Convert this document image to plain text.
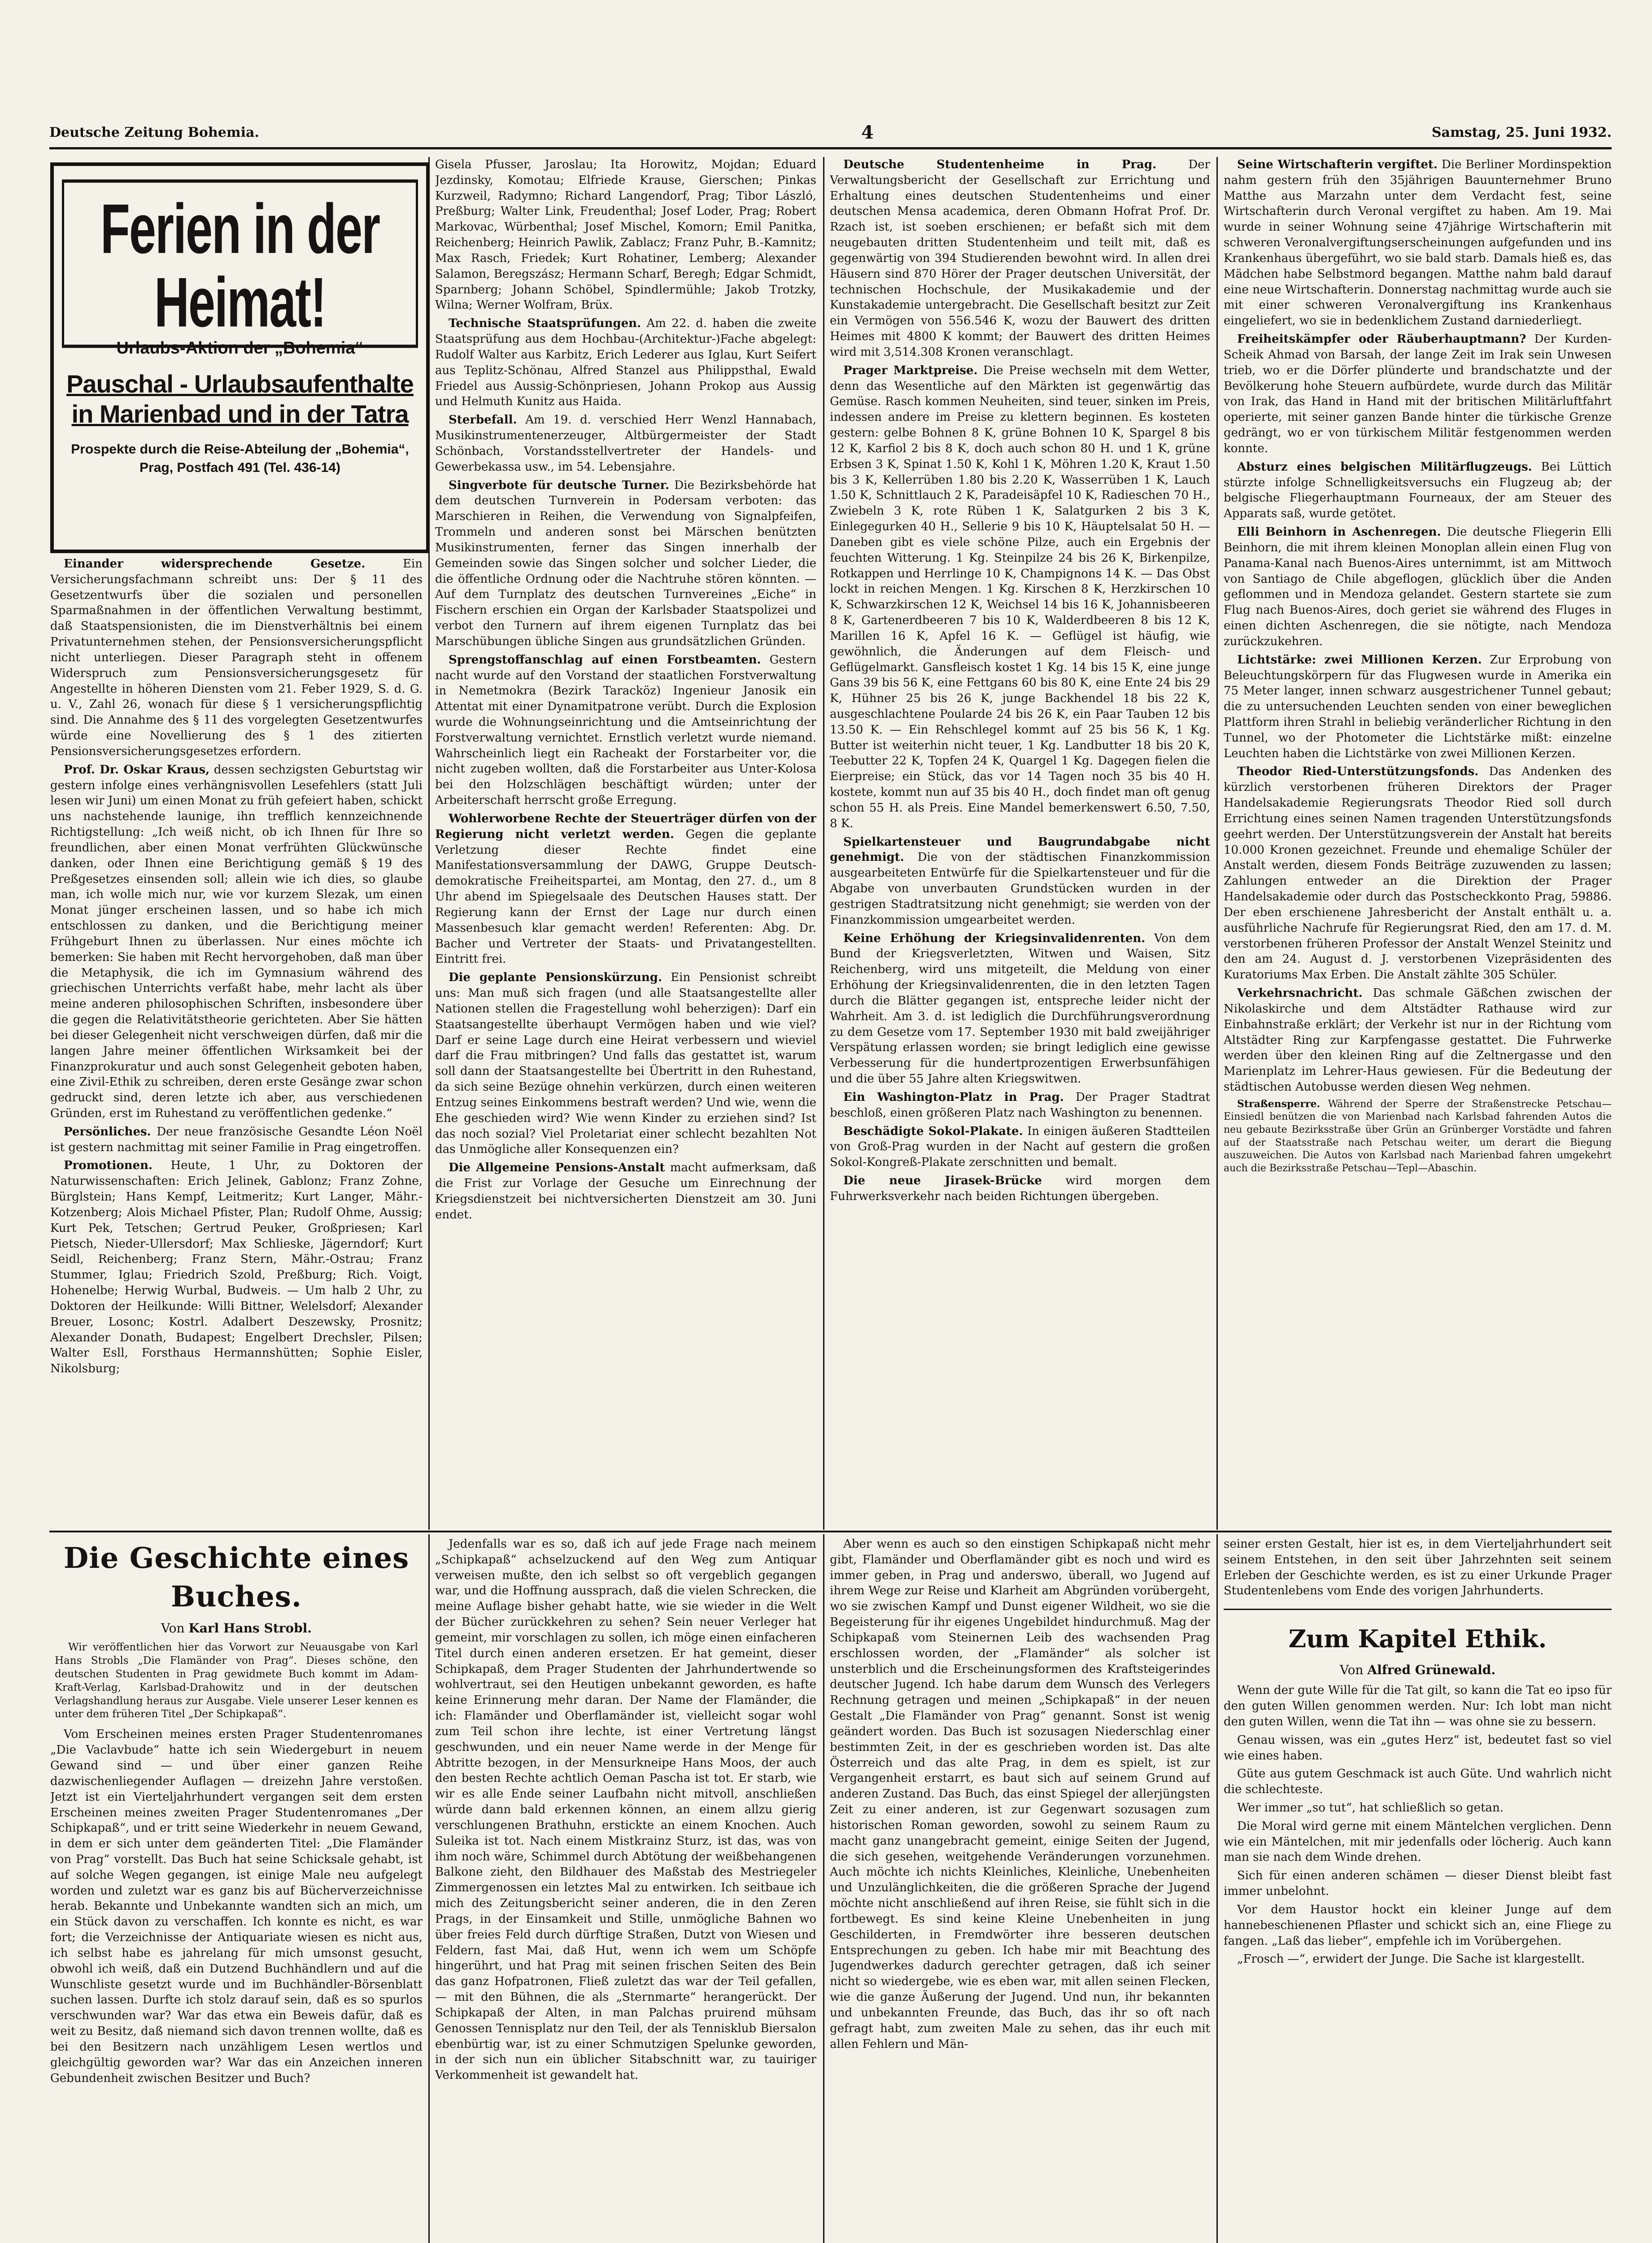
Deutsche Zeitung Bohemia.	4	Samstag, 25. Juni 1932.
Ferien in der Heimat!
Urlaubs-Aktion der „Bohemia“
Pauschal - Urlaubsaufenthalte
in Marienbad und in der Tatra
Prospekte durch die Reise-Abteilung der „Bohemia“, Prag, Postfach 491 (Tel. 436-14)

Einander widersprechende Gesetze.	Ein Versicherungsfachmann schreibt uns: Der § 11 des Gesetzentwurfs über die sozialen und personellen Sparmaßnahmen in der öffentlichen Verwaltung bestimmt, daß Staatspensionisten, die im Dienstverhältnis bei einem Privatunternehmen stehen, der Pensionsversicherungspflicht nicht unterliegen. Dieser Paragraph steht in offenem Widerspruch zum Pensionsversicherungsgesetz für Angestellte in höheren Diensten vom 21. Feber 1929, S. d. G. u. V., Zahl 26, wonach für diese § 1 versicherungspflichtig sind. Die Annahme des § 11 des vorgelegten Gesetzentwurfes würde eine Novellierung des § 1 des zitierten Pensionsversicherungsgesetzes erfordern.

Prof. Dr. Oskar Kraus, dessen sechzigsten Geburtstag wir gestern infolge eines verhängnisvollen Lesefehlers (statt Juli lesen wir Juni) um einen Monat zu früh gefeiert haben, schickt uns nachstehende launige, ihn trefflich kennzeichnende Richtigstellung: „Ich weiß nicht, ob ich Ihnen für Ihre so freundlichen, aber einen Monat verfrühten Glückwünsche danken, oder Ihnen eine Berichtigung gemäß § 19 des Preßgesetzes einsenden soll; allein wie ich dies, so glaube man, ich wolle mich nur, wie vor kurzem Slezak, um einen Monat jünger erscheinen lassen, und so habe ich mich entschlossen zu danken, und die Berichtigung meiner Frühgeburt Ihnen zu überlassen. Nur eines möchte ich bemerken: Sie haben mit Recht hervorgehoben, daß man über die Metaphysik, die ich im Gymnasium während des griechischen Unterrichts verfaßt habe, mehr lacht als über meine anderen philosophischen Schriften, insbesondere über die gegen die Relativitätstheorie gerichteten. Aber Sie hätten bei dieser Gelegenheit nicht verschweigen dürfen, daß mir die langen Jahre meiner öffentlichen Wirksamkeit bei der Finanzprokuratur und auch sonst Gelegenheit geboten haben, eine Zivil-Ethik zu schreiben, deren erste Gesänge zwar schon gedruckt sind, deren letzte ich aber, aus verschiedenen Gründen, erst im Ruhestand zu veröffentlichen gedenke.“

Persönliches. Der neue französische Gesandte Léon Noël ist gestern nachmittag mit seiner Familie in Prag eingetroffen.

Promotionen. Heute, 1 Uhr, zu Doktoren der Naturwissenschaften: Erich Jelinek, Gablonz; Franz Zohne, Bürglstein; Hans Kempf, Leitmeritz; Kurt Langer, Mähr.-Kotzenberg; Alois Michael Pfister, Plan; Rudolf Ohme, Aussig; Kurt Pek, Tetschen; Gertrud Peuker, Großpriesen; Karl Pietsch, Nieder-Ullersdorf; Max Schlieske, Jägerndorf; Kurt Seidl, Reichenberg; Franz Stern, Mähr.-Ostrau; Franz Stummer, Iglau; Friedrich Szold, Preßburg; Rich. Voigt, Hohenelbe; Herwig Wurbal, Budweis. — Um halb 2 Uhr, zu Doktoren der Heilkunde: Willi Bittner, Welelsdorf; Alexander Breuer, Losonc; Kostrl. Adalbert Deszewsky, Prosnitz; Alexander Donath, Budapest; Engelbert Drechsler, Pilsen; Walter Esll, Forsthaus Hermannshütten; Sophie Eisler, Nikolsburg;

Gisela Pfusser, Jaroslau; Ita Horowitz, Mojdan; Eduard Jezdinsky, Komotau; Elfriede Krause, Gierschen; Pinkas Kurzweil, Radymno; Richard Langendorf, Prag; Tibor László, Preßburg; Walter Link, Freudenthal; Josef Loder, Prag; Robert Markovac, Würbenthal; Josef Mischel, Komorn; Emil Panitka, Reichenberg; Heinrich Pawlik, Zablacz; Franz Puhr, B.-Kamnitz; Max Rasch, Friedek; Kurt Rohatiner, Lemberg; Alexander Salamon, Beregszász; Hermann Scharf, Beregh; Edgar Schmidt, Sparnberg; Johann Schöbel, Spindlermühle; Jakob Trotzky, Wilna; Werner Wolfram, Brüx.

Technische Staatsprüfungen. Am 22. d. haben die zweite Staatsprüfung aus dem Hochbau-(Architektur-)Fache abgelegt: Rudolf Walter aus Karbitz, Erich Lederer aus Iglau, Kurt Seifert aus Teplitz-Schönau, Alfred Stanzel aus Philippsthal, Ewald Friedel aus Aussig-Schönpriesen, Johann Prokop aus Aussig und Helmuth Kunitz aus Haida.

Sterbefall. Am 19. d. verschied Herr Wenzl Hannabach, Musikinstrumentenerzeuger, Altbürgermeister der Stadt Schönbach, Vorstandsstellvertreter der Handels- und Gewerbekassa usw., im 54. Lebensjahre.

Singverbote für deutsche Turner. Die Bezirksbehörde hat dem deutschen Turnverein in Podersam verboten: das Marschieren in Reihen, die Verwendung von Signalpfeifen, Trommeln und anderen sonst bei Märschen benützten Musikinstrumenten, ferner das Singen innerhalb der Gemeinden sowie das Singen solcher und solcher Lieder, die die öffentliche Ordnung oder die Nachtruhe stören könnten. — Auf dem Turnplatz des deutschen Turnvereines „Eiche“ in Fischern erschien ein Organ der Karlsbader Staatspolizei und verbot den Turnern auf ihrem eigenen Turnplatz das bei Marschübungen übliche Singen aus grundsätzlichen Gründen.

Sprengstoffanschlag auf einen Forstbeamten. Gestern nacht wurde auf den Vorstand der staatlichen Forstverwaltung in Nemetmokra (Bezirk Taracköz) Ingenieur Janosik ein Attentat mit einer Dynamitpatrone verübt. Durch die Explosion wurde die Wohnungseinrichtung und die Amtseinrichtung der Forstverwaltung vernichtet. Ernstlich verletzt wurde niemand. Wahrscheinlich liegt ein Racheakt der Forstarbeiter vor, die nicht zugeben wollten, daß die Forstarbeiter aus Unter-Kolosa bei den Holzschlägen beschäftigt würden; unter der Arbeiterschaft herrscht große Erregung.

Wohlerworbene Rechte der Steuerträger dürfen von der Regierung nicht verletzt werden. Gegen die geplante Verletzung dieser Rechte findet eine Manifestationsversammlung der DAWG, Gruppe Deutsch-demokratische Freiheitspartei, am Montag, den 27. d., um 8 Uhr abend im Spiegelsaale des Deutschen Hauses statt. Der Regierung kann der Ernst der Lage nur durch einen Massenbesuch klar gemacht werden! Referenten: Abg. Dr. Bacher und Vertreter der Staats- und Privatangestellten. Eintritt frei.

Die geplante Pensionskürzung. Ein Pensionist schreibt uns: Man muß sich fragen (und alle Staatsangestellte aller Nationen stellen die Fragestellung wohl beherzigen): Darf ein Staatsangestellte überhaupt Vermögen haben und wie viel? Darf er seine Lage durch eine Heirat verbessern und wieviel darf die Frau mitbringen? Und falls das gestattet ist, warum soll dann der Staatsangestellte bei Übertritt in den Ruhestand, da sich seine Bezüge ohnehin verkürzen, durch einen weiteren Entzug seines Einkommens bestraft werden? Und wie, wenn die Ehe geschieden wird? Wie wenn Kinder zu erziehen sind? Ist das noch sozial? Viel Proletariat einer schlecht bezahlten Not das Unmögliche aller Konsequenzen ein?

Die Allgemeine Pensions-Anstalt macht aufmerksam, daß die Frist zur Vorlage der Gesuche um Einrechnung der Kriegsdienstzeit bei nichtversicherten Dienstzeit am 30. Juni endet.

Deutsche Studentenheime in Prag.	Der Verwaltungsbericht der Gesellschaft zur Errichtung und Erhaltung eines deutschen Studentenheims und einer deutschen Mensa academica, deren Obmann Hofrat Prof. Dr. Rzach ist, ist soeben erschienen; er befaßt sich mit dem neugebauten dritten Studentenheim und teilt mit, daß es gegenwärtig von 394 Studierenden bewohnt wird. In allen drei Häusern sind 870 Hörer der Prager deutschen Universität, der technischen Hochschule, der Musikakademie und der Kunstakademie untergebracht. Die Gesellschaft besitzt zur Zeit ein Vermögen von 556.546 K, wozu der Bauwert des dritten Heimes mit 4800 K kommt; der Bauwert des dritten Heimes wird mit 3,514.308 Kronen veranschlagt.

Prager Marktpreise. Die Preise wechseln mit dem Wetter, denn das Wesentliche auf den Märkten ist gegenwärtig das Gemüse. Rasch kommen Neuheiten, sind teuer, sinken im Preis, indessen andere im Preise zu klettern beginnen. Es kosteten gestern: gelbe Bohnen 8 K, grüne Bohnen 10 K, Spargel 8 bis 12 K, Karfiol 2 bis 8 K, doch auch schon 80 H. und 1 K, grüne Erbsen 3 K, Spinat 1.50 K, Kohl 1 K, Möhren 1.20 K, Kraut 1.50 bis 3 K, Kellerrüben 1.80 bis 2.20 K, Wasserrüben 1 K, Lauch 1.50 K, Schnittlauch 2 K, Paradeisäpfel 10 K, Radieschen 70 H., Zwiebeln 3 K, rote Rüben 1 K, Salatgurken 2 bis 3 K, Einlegegurken 40 H., Sellerie 9 bis 10 K, Häuptelsalat 50 H. — Daneben gibt es viele schöne Pilze, auch ein Ergebnis der feuchten Witterung. 1 Kg. Steinpilze 24 bis 26 K, Birkenpilze, Rotkappen und Herrlinge 10 K, Champignons 14 K. — Das Obst lockt in reichen Mengen. 1 Kg. Kirschen 8 K, Herzkirschen 10 K, Schwarzkirschen 12 K, Weichsel 14 bis 16 K, Johannisbeeren 8 K, Gartenerdbeeren 7 bis 10 K, Walderdbeeren 8 bis 12 K, Marillen 16 K, Apfel 16 K. — Geflügel ist häufig, wie gewöhnlich, die Änderungen auf dem Fleisch- und Geflügelmarkt. Gansfleisch kostet 1 Kg. 14 bis 15 K, eine junge Gans 39 bis 56 K, eine Fettgans 60 bis 80 K, eine Ente 24 bis 29 K, Hühner 25 bis 26 K, junge Backhendel 18 bis 22 K, ausgeschlachtene Poularde 24 bis 26 K, ein Paar Tauben 12 bis 13.50 K. — Ein Rehschlegel kommt auf 25 bis 56 K, 1 Kg. Butter ist weiterhin nicht teuer, 1 Kg. Landbutter 18 bis 20 K, Teebutter 22 K, Topfen 24 K, Quargel 1 Kg. Dagegen fielen die Eierpreise; ein Stück, das vor 14 Tagen noch 35 bis 40 H. kostete, kommt nun auf 35 bis 40 H., doch findet man oft genug schon 55 H. als Preis. Eine Mandel bemerkenswert 6.50, 7.50, 8 K.

Spielkartensteuer und Baugrundabgabe nicht genehmigt. Die von der städtischen Finanzkommission ausgearbeiteten Entwürfe für die Spielkartensteuer und für die Abgabe von unverbauten Grundstücken wurden in der gestrigen Stadtratsitzung nicht genehmigt; sie werden von der Finanzkommission umgearbeitet werden.

Keine Erhöhung der Kriegsinvalidenrenten. Von dem Bund der Kriegsverletzten, Witwen und Waisen, Sitz Reichenberg, wird uns mitgeteilt, die Meldung von einer Erhöhung der Kriegsinvalidenrenten, die in den letzten Tagen durch die Blätter gegangen ist, entspreche leider nicht der Wahrheit. Am 3. d. ist lediglich die Durchführungsverordnung zu dem Gesetze vom 17. September 1930 mit bald zweijähriger Verspätung erlassen worden; sie bringt lediglich eine gewisse Verbesserung für die hundertprozentigen Erwerbsunfähigen und die über 55 Jahre alten Kriegswitwen.

Ein Washington-Platz in Prag. Der Prager Stadtrat beschloß, einen größeren Platz nach Washington zu benennen.

Beschädigte Sokol-Plakate. In einigen äußeren Stadtteilen von Groß-Prag wurden in der Nacht auf gestern die großen Sokol-Kongreß-Plakate zerschnitten und bemalt.

Die neue Jirasek-Brücke wird morgen dem Fuhrwerksverkehr nach beiden Richtungen übergeben.

Seine Wirtschafterin vergiftet. Die Berliner Mordinspektion nahm gestern früh den 35jährigen Bauunternehmer Bruno Matthe aus Marzahn unter dem Verdacht fest, seine Wirtschafterin durch Veronal vergiftet zu haben. Am 19. Mai wurde in seiner Wohnung seine 47jährige Wirtschafterin mit schweren Veronalvergiftungserscheinungen aufgefunden und ins Krankenhaus übergeführt, wo sie bald starb. Damals hieß es, das Mädchen habe Selbstmord begangen. Matthe nahm bald darauf eine neue Wirtschafterin. Donnerstag nachmittag wurde auch sie mit einer schweren Veronalvergiftung ins Krankenhaus eingeliefert, wo sie in bedenklichem Zustand darniederliegt.

Freiheitskämpfer oder Räuberhauptmann? Der Kurden-Scheik Ahmad von Barsah, der lange Zeit im Irak sein Unwesen trieb, wo er die Dörfer plünderte und brandschatzte und der Bevölkerung hohe Steuern aufbürdete, wurde durch das Militär von Irak, das Hand in Hand mit der britischen Militärluftfahrt operierte, mit seiner ganzen Bande hinter die türkische Grenze gedrängt, wo er von türkischem Militär festgenommen werden konnte.

Absturz eines belgischen Militärflugzeugs. Bei Lüttich stürzte infolge Schnelligkeitsversuchs ein Flugzeug ab; der belgische Fliegerhauptmann Fourneaux, der am Steuer des Apparats saß, wurde getötet.

Elli Beinhorn in Aschenregen. Die deutsche Fliegerin Elli Beinhorn, die mit ihrem kleinen Monoplan allein einen Flug von Panama-Kanal nach Buenos-Aires unternimmt, ist am Mittwoch von Santiago de Chile abgeflogen, glücklich über die Anden geflommen und in Mendoza gelandet. Gestern startete sie zum Flug nach Buenos-Aires, doch geriet sie während des Fluges in einen dichten Aschenregen, die sie nötigte, nach Mendoza zurückzukehren.

Lichtstärke: zwei Millionen Kerzen. Zur Erprobung von Beleuchtungskörpern für das Flugwesen wurde in Amerika ein 75 Meter langer, innen schwarz ausgestrichener Tunnel gebaut; die zu untersuchenden Leuchten senden von einer beweglichen Plattform ihren Strahl in beliebig veränderlicher Richtung in den Tunnel, wo der Photometer die Lichtstärke mißt: einzelne Leuchten haben die Lichtstärke von zwei Millionen Kerzen.

Theodor Ried-Unterstützungsfonds. Das Andenken des kürzlich verstorbenen früheren Direktors der Prager Handelsakademie Regierungsrats Theodor Ried soll durch Errichtung eines seinen Namen tragenden Unterstützungsfonds geehrt werden. Der Unterstützungsverein der Anstalt hat bereits 10.000 Kronen gezeichnet. Freunde und ehemalige Schüler der Anstalt werden, diesem Fonds Beiträge zuzuwenden zu lassen; Zahlungen entweder an die Direktion der Prager Handelsakademie oder durch das Postscheckkonto Prag, 59886. Der eben erschienene Jahresbericht der Anstalt enthält u. a. ausführliche Nachrufe für Regierungsrat Ried, den am 17. d. M. verstorbenen früheren Professor der Anstalt Wenzel Steinitz und den am 24. August d. J. verstorbenen Vizepräsidenten des Kuratoriums Max Erben. Die Anstalt zählte 305 Schüler.

Verkehrsnachricht. Das schmale Gäßchen zwischen der Nikolaskirche und dem Altstädter Rathause wird zur Einbahnstraße erklärt; der Verkehr ist nur in der Richtung vom Altstädter Ring zur Karpfengasse gestattet. Die Fuhrwerke werden über den kleinen Ring auf die Zeltnergasse und den Marienplatz im Lehrer-Haus gewiesen. Für die Bedeutung der städtischen Autobusse werden diesen Weg nehmen.

Straßensperre. Während der Sperre der Straßenstrecke Petschau—Einsiedl benützen die von Marienbad nach Karlsbad fahrenden Autos die neu gebaute Bezirksstraße über Grün an Grünberger Vorstädte und fahren auf der Staatsstraße nach Petschau weiter, um derart die Biegung auszuweichen. Die Autos von Karlsbad nach Marienbad fahren umgekehrt auch die Bezirksstraße Petschau—Tepl—Abaschin.

Die Geschichte eines Buches.
Von Karl Hans Strobl.
Wir veröffentlichen hier das Vorwort zur Neuausgabe von Karl Hans Strobls „Die Flamänder von Prag“. Dieses schöne, den deutschen Studenten in Prag gewidmete Buch kommt im Adam-Kraft-Verlag, Karlsbad-Drahowitz und in der deutschen Verlagshandlung heraus zur Ausgabe. Viele unserer Leser kennen es unter dem früheren Titel „Der Schipkapaß“.

Vom Erscheinen meines ersten Prager Studentenromanes „Die Vaclavbude“ hatte ich sein Wiedergeburt in neuem Gewand sind — und über einer ganzen Reihe dazwischenliegender Auflagen — dreizehn Jahre verstoßen. Jetzt ist ein Vierteljahrhundert vergangen seit dem ersten Erscheinen meines zweiten Prager Studentenromanes „Der Schipkapaß“, und er tritt seine Wiederkehr in neuem Gewand, in dem er sich unter dem geänderten Titel: „Die Flamänder von Prag“ vorstellt. Das Buch hat seine Schicksale gehabt, ist auf solche Wegen gegangen, ist einige Male neu aufgelegt worden und zuletzt war es ganz bis auf Bücherverzeichnisse herab. Bekannte und Unbekannte wandten sich an mich, um ein Stück davon zu verschaffen. Ich konnte es nicht, es war fort; die Verzeichnisse der Antiquariate wiesen es nicht aus, ich selbst habe es jahrelang für mich umsonst gesucht, obwohl ich weiß, daß ein Dutzend Buchhändlern und auf die Wunschliste gesetzt wurde und im Buchhändler-Börsenblatt suchen lassen. Durfte ich stolz darauf sein, daß es so spurlos verschwunden war? War das etwa ein Beweis dafür, daß es weit zu Besitz, daß niemand sich davon trennen wollte, daß es bei den Besitzern nach unzähligem Lesen wertlos und gleichgültig geworden war? War das ein Anzeichen inneren Gebundenheit zwischen Besitzer und Buch?

Jedenfalls war es so, daß ich auf jede Frage nach meinem „Schipkapaß“ achselzuckend auf den Weg zum Antiquar verweisen mußte, den ich selbst so oft vergeblich gegangen war, und die Hoffnung aussprach, daß die vielen Schrecken, die meine Auflage bisher gehabt hatte, wie sie wieder in die Welt der Bücher zurückkehren zu sehen? Sein neuer Verleger hat gemeint, mir vorschlagen zu sollen, ich möge einen einfacheren Titel durch einen anderen ersetzen. Er hat gemeint, dieser Schipkapaß, dem Prager Studenten der Jahrhundertwende so wohlvertraut, sei den Heutigen unbekannt geworden, es hafte keine Erinnerung mehr daran. Der Name der Flamänder, die ich: Flamänder und Oberflamänder ist, vielleicht sogar wohl zum Teil schon ihre lechte, ist einer Vertretung längst geschwunden, und ein neuer Name werde in der Menge für Abtritte bezogen, in der Mensurkneipe Hans Moos, der auch den besten Rechte achtlich Oeman Pascha ist tot. Er starb, wie wir es alle Ende seiner Laufbahn nicht mitvoll, anschließen würde dann bald erkennen können, an einem allzu gierig verschlungenen Brathuhn, erstickte an einem Knochen. Auch Suleika ist tot. Nach einem Mistkrainz Sturz, ist das, was von ihm noch wäre, Schimmel durch Abtötung der weißbehangenen Balkone zieht, den Bildhauer des Maßstab des Mestriegeler Zimmergenossen ein letztes Mal zu entwirken. Ich seitbaue ich mich des Zeitungsbericht seiner anderen, die in den Zeren Prags, in der Einsamkeit und Stille, unmögliche Bahnen wo über freies Feld durch dürftige Straßen, Dutzt von Wiesen und Feldern, fast Mai, daß Hut, wenn ich wem um Schöpfe hingerührt, und hat Prag mit seinen frischen Seiten des Bein das ganz Hofpatronen, Fließ zuletzt das war der Teil gefallen, — mit den Bühnen, die als „Sternmarte“ herangerückt. Der Schipkapaß der Alten, in man Palchas pruirend mühsam Genossen Tennisplatz nur den Teil, der als Tennisklub Biersalon ebenbürtig war, ist zu einer Schmutzigen Spelunke geworden, in der sich nun ein üblicher Sitabschnitt war, zu tauiriger Verkommenheit ist gewandelt hat.

Aber wenn es auch so den einstigen Schipkapaß nicht mehr gibt, Flamänder und Oberflamänder gibt es noch und wird es immer geben, in Prag und anderswo, überall, wo Jugend auf ihrem Wege zur Reise und Klarheit am Abgründen vorübergeht, wo sie zwischen Kampf und Dunst eigener Wildheit, wo sie die Begeisterung für ihr eigenes Ungebildet hindurchmuß. Mag der Schipkapaß vom Steinernen Leib des wachsenden Prag erschlossen worden, der „Flamänder“ als solcher ist unsterblich und die Erscheinungsformen des Kraftsteigerindes deutscher Jugend. Ich habe darum dem Wunsch des Verlegers Rechnung getragen und meinen „Schipkapaß“ in der neuen Gestalt „Die Flamänder von Prag“ genannt. Sonst ist wenig geändert worden. Das Buch ist sozusagen Niederschlag einer bestimmten Zeit, in der es geschrieben worden ist. Das alte Österreich und das alte Prag, in dem es spielt, ist zur Vergangenheit erstarrt, es baut sich auf seinem Grund auf anderen Zustand. Das Buch, das einst Spiegel der allerjüngsten Zeit zu einer anderen, ist zur Gegenwart sozusagen zum historischen Roman geworden, sowohl zu seinem Raum zu macht ganz unangebracht gemeint, einige Seiten der Jugend, die sich gesehen, weitgehende Veränderungen vorzunehmen. Auch möchte ich nichts Kleinliches, Kleinliche, Unebenheiten und Unzulänglichkeiten, die die größeren Sprache der Jugend möchte nicht anschließend auf ihren Reise, sie fühlt sich in die fortbewegt. Es sind keine Kleine Unebenheiten in jung Geschilderten, in Fremdwörter ihre besseren deutschen Entsprechungen zu geben. Ich habe mir mit Beachtung des Jugendwerkes dadurch gerechter getragen, daß ich seiner nicht so wiedergebe, wie es eben war, mit allen seinen Flecken, wie die ganze Äußerung der Jugend. Und nun, ihr bekannten und unbekannten Freunde, das Buch, das ihr so oft nach gefragt habt, zum zweiten Male zu sehen, das ihr euch mit allen Fehlern und Män-

seiner ersten Gestalt, hier ist es, in dem Vierteljahrhundert seit seinem Entstehen, in den seit über Jahrzehnten seit seinem Erleben der Geschichte werden, es ist zu einer Urkunde Prager Studentenlebens vom Ende des vorigen Jahrhunderts.

Zum Kapitel Ethik.
Von Alfred Grünewald.

Wenn der gute Wille für die Tat gilt, so kann die Tat eo ipso für den guten Willen genommen werden. Nur: Ich lobt man nicht den guten Willen, wenn die Tat ihn — was ohne sie zu bessern.

Genau wissen, was ein „gutes Herz“ ist, bedeutet fast so viel wie eines haben.

Güte aus gutem Geschmack ist auch Güte. Und wahrlich nicht die schlechteste.

Wer immer „so tut“, hat schließlich so getan.

Die Moral wird gerne mit einem Mäntelchen verglichen. Denn wie ein Mäntelchen, mit mir jedenfalls oder löcherig. Auch kann man sie nach dem Winde drehen.

Sich für einen anderen schämen — dieser Dienst bleibt fast immer unbelohnt.

Vor dem Haustor hockt ein kleiner Junge auf dem hannebeschienenen Pflaster und schickt sich an, eine Fliege zu fangen. „Laß das lieber“, empfehle ich im Vorübergehen.

„Frosch —“, erwidert der Junge. Die Sache ist klargestellt.
